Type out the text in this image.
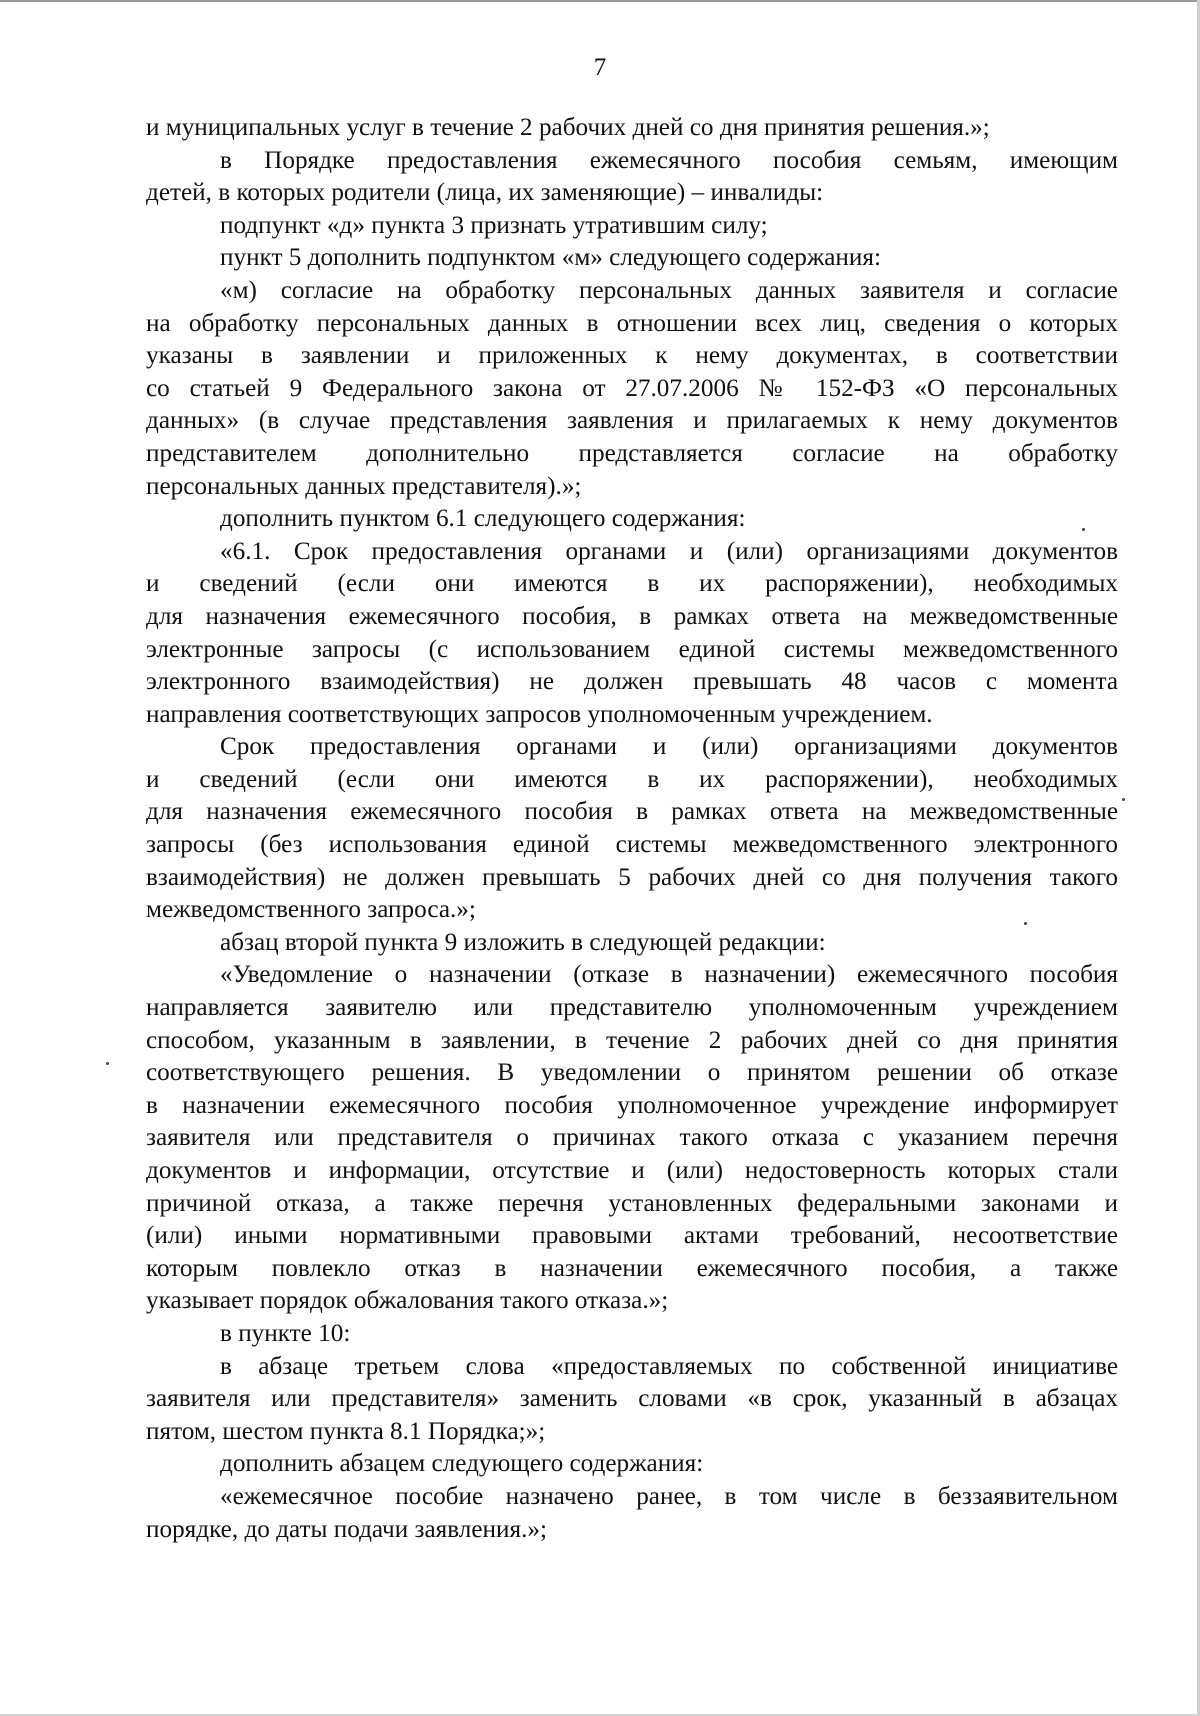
7
и муниципальных услуг в течение 2 рабочих дней со дня принятия решения.»;
в Порядке предоставления ежемесячного пособия семьям, имеющим
детей, в которых родители (лица, их заменяющие) – инвалиды:
подпункт «д» пункта 3 признать утратившим силу;
пункт 5 дополнить подпунктом «м» следующего содержания:
«м) согласие на обработку персональных данных заявителя и согласие
на обработку персональных данных в отношении всех лиц, сведения о которых
указаны в заявлении и приложенных к нему документах, в соответствии
со статьей 9 Федерального закона от 27.07.2006 № 152-ФЗ «О персональных
данных» (в случае представления заявления и прилагаемых к нему документов
представителем дополнительно представляется согласие на обработку
персональных данных представителя).»;
дополнить пунктом 6.1 следующего содержания:
«6.1. Срок предоставления органами и (или) организациями документов
и сведений (если они имеются в их распоряжении), необходимых
для назначения ежемесячного пособия, в рамках ответа на межведомственные
электронные запросы (с использованием единой системы межведомственного
электронного взаимодействия) не должен превышать 48 часов с момента
направления соответствующих запросов уполномоченным учреждением.
Срок предоставления органами и (или) организациями документов
и сведений (если они имеются в их распоряжении), необходимых
для назначения ежемесячного пособия в рамках ответа на межведомственные
запросы (без использования единой системы межведомственного электронного
взаимодействия) не должен превышать 5 рабочих дней со дня получения такого
межведомственного запроса.»;
абзац второй пункта 9 изложить в следующей редакции:
«Уведомление о назначении (отказе в назначении) ежемесячного пособия
направляется заявителю или представителю уполномоченным учреждением
способом, указанным в заявлении, в течение 2 рабочих дней со дня принятия
соответствующего решения. В уведомлении о принятом решении об отказе
в назначении ежемесячного пособия уполномоченное учреждение информирует
заявителя или представителя о причинах такого отказа с указанием перечня
документов и информации, отсутствие и (или) недостоверность которых стали
причиной отказа, а также перечня установленных федеральными законами и
(или) иными нормативными правовыми актами требований, несоответствие
которым повлекло отказ в назначении ежемесячного пособия, а также
указывает порядок обжалования такого отказа.»;
в пункте 10:
в абзаце третьем слова «предоставляемых по собственной инициативе
заявителя или представителя» заменить словами «в срок, указанный в абзацах
пятом, шестом пункта 8.1 Порядка;»;
дополнить абзацем следующего содержания:
«ежемесячное пособие назначено ранее, в том числе в беззаявительном
порядке, до даты подачи заявления.»;
